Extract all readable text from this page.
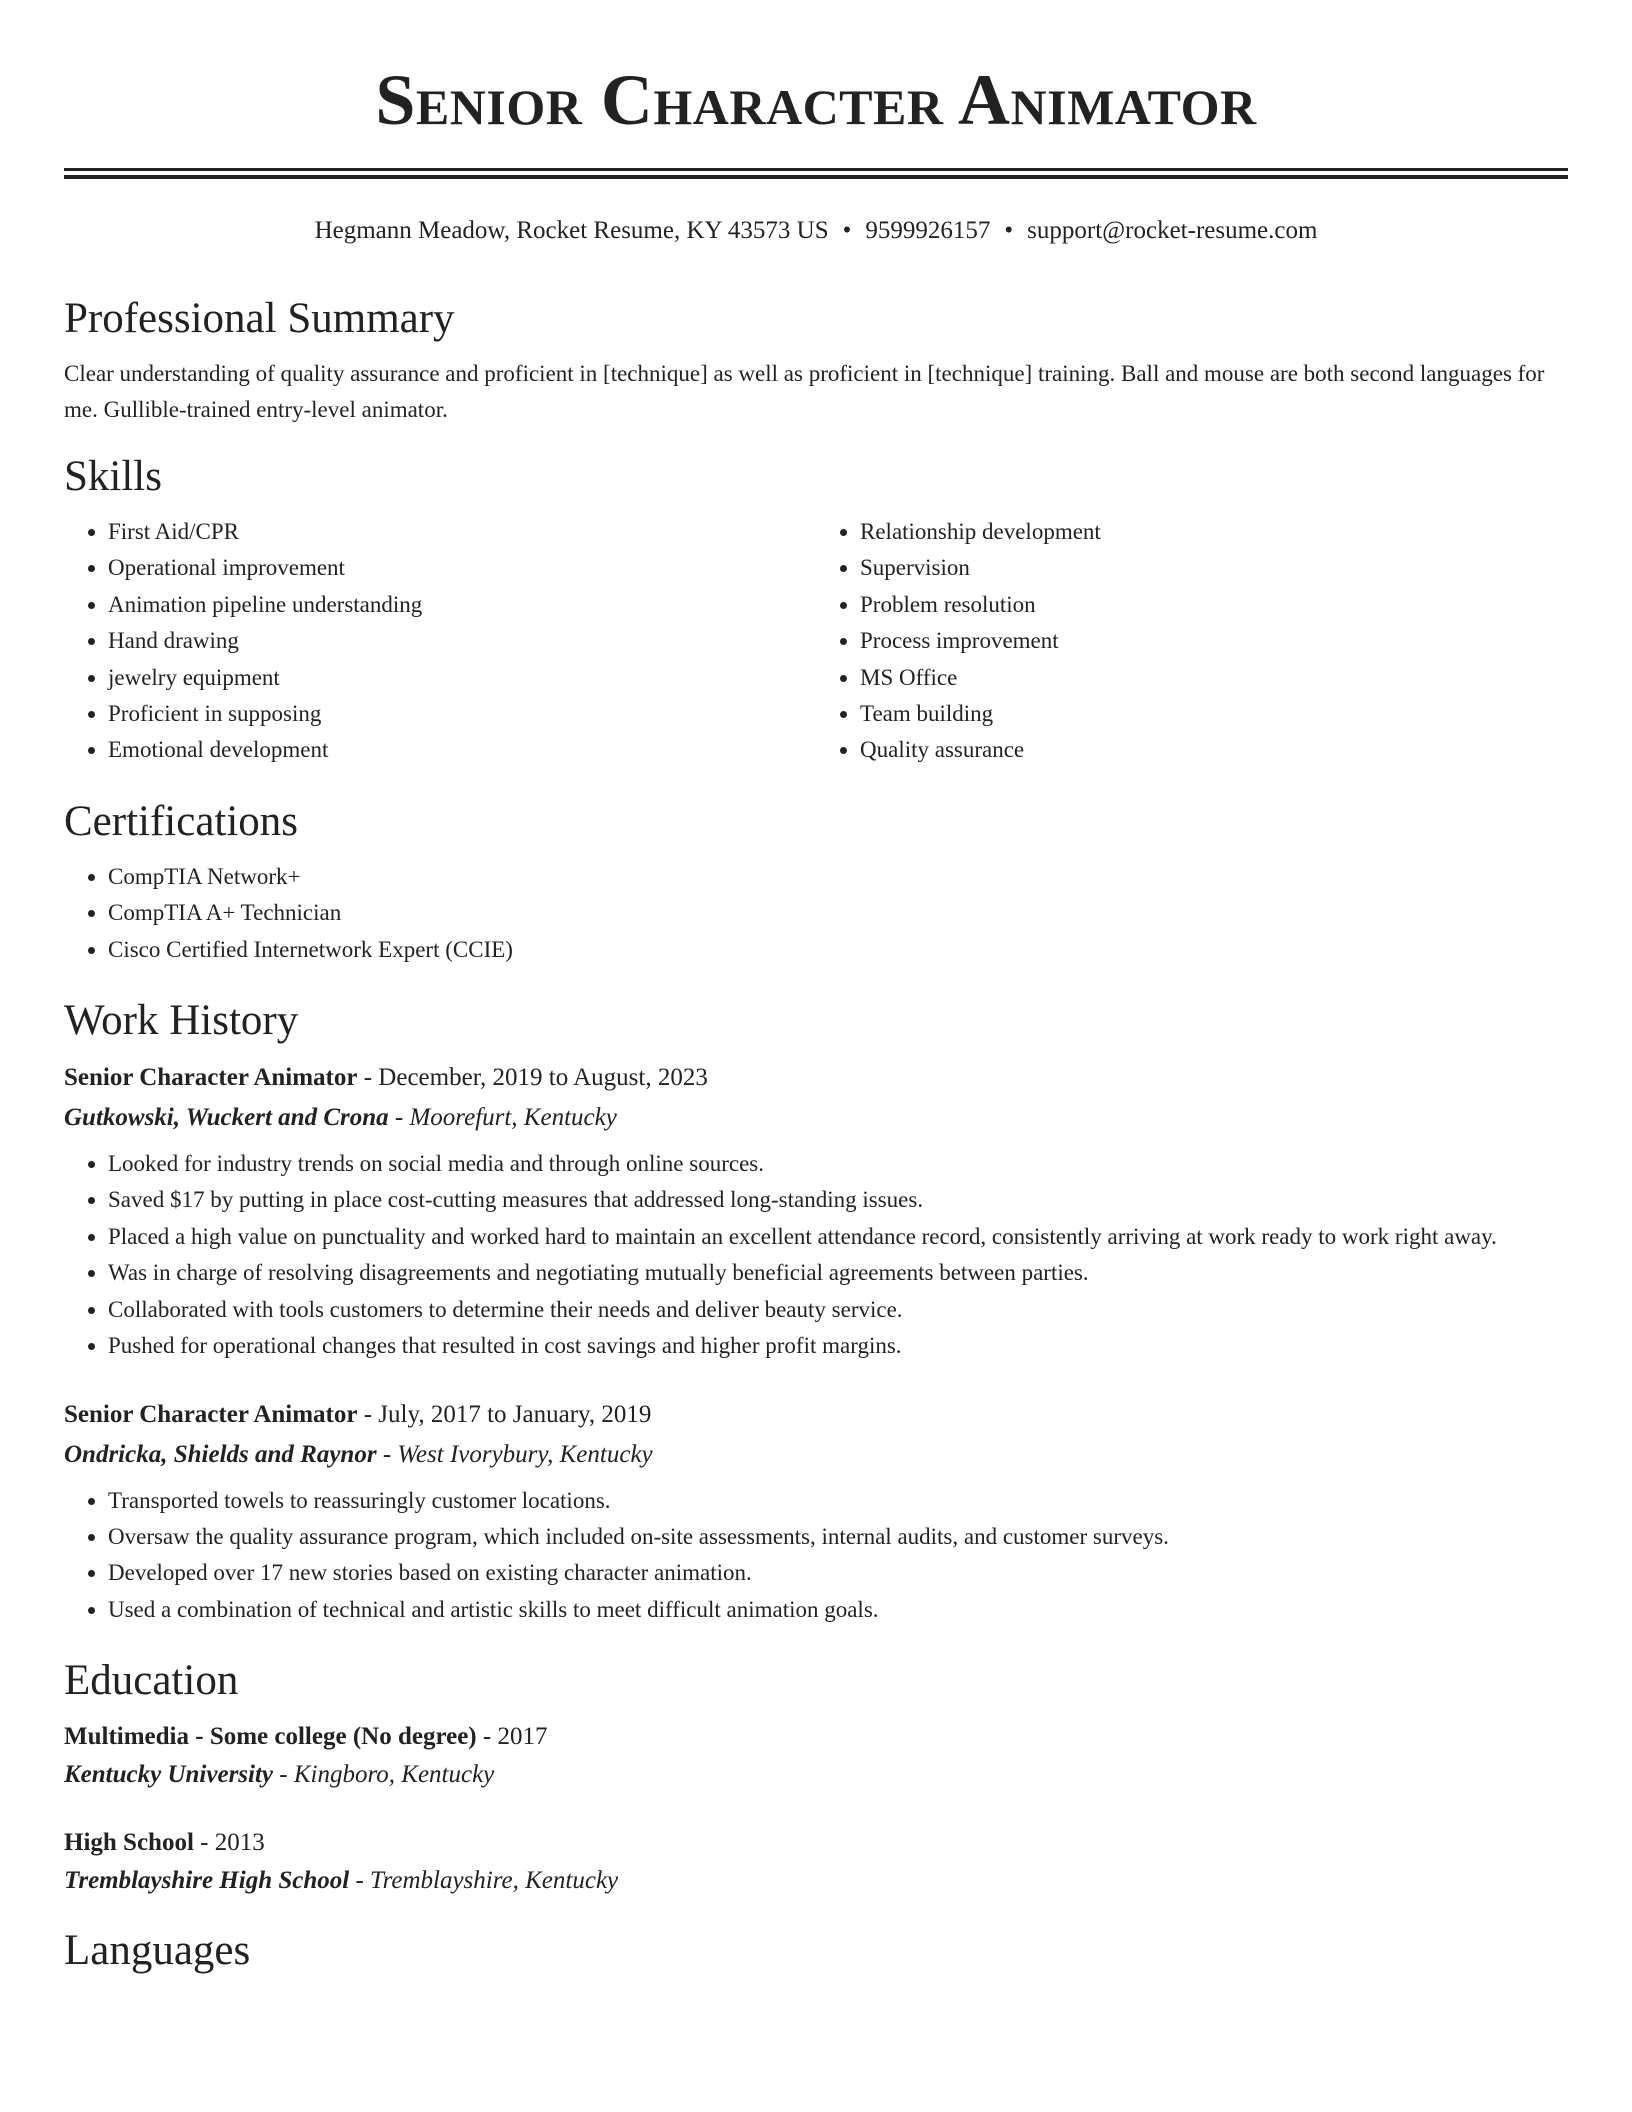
Senior Character Animator
Hegmann Meadow, Rocket Resume, KY 43573 US • 9599926157 • support@rocket-resume.com
Professional Summary

Clear understanding of quality assurance and proficient in [technique] as well as proficient in [technique] training. Ball and mouse are both second languages for me. Gullible-trained entry-level animator.

Skills
• First Aid/CPR
• Operational improvement
• Animation pipeline understanding
• Hand drawing
• jewelry equipment
• Proficient in supposing
• Emotional development
• Relationship development
• Supervision
• Problem resolution
• Process improvement
• MS Office
• Team building
• Quality assurance
Certifications
• CompTIA Network+
• CompTIA A+ Technician
• Cisco Certified Internetwork Expert (CCIE)
Work History
Senior Character Animator - December, 2019 to August, 2023
Gutkowski, Wuckert and Crona - Moorefurt, Kentucky
• Looked for industry trends on social media and through online sources.
• Saved $17 by putting in place cost-cutting measures that addressed long-standing issues.
• Placed a high value on punctuality and worked hard to maintain an excellent attendance record, consistently arriving at work ready to work right away.
• Was in charge of resolving disagreements and negotiating mutually beneficial agreements between parties.
• Collaborated with tools customers to determine their needs and deliver beauty service.
• Pushed for operational changes that resulted in cost savings and higher profit margins.
Senior Character Animator - July, 2017 to January, 2019
Ondricka, Shields and Raynor - West Ivorybury, Kentucky
• Transported towels to reassuringly customer locations.
• Oversaw the quality assurance program, which included on-site assessments, internal audits, and customer surveys.
• Developed over 17 new stories based on existing character animation.
• Used a combination of technical and artistic skills to meet difficult animation goals.
Education
Multimedia - Some college (No degree) - 2017
Kentucky University - Kingboro, Kentucky
High School - 2013
Tremblayshire High School - Tremblayshire, Kentucky
Languages
